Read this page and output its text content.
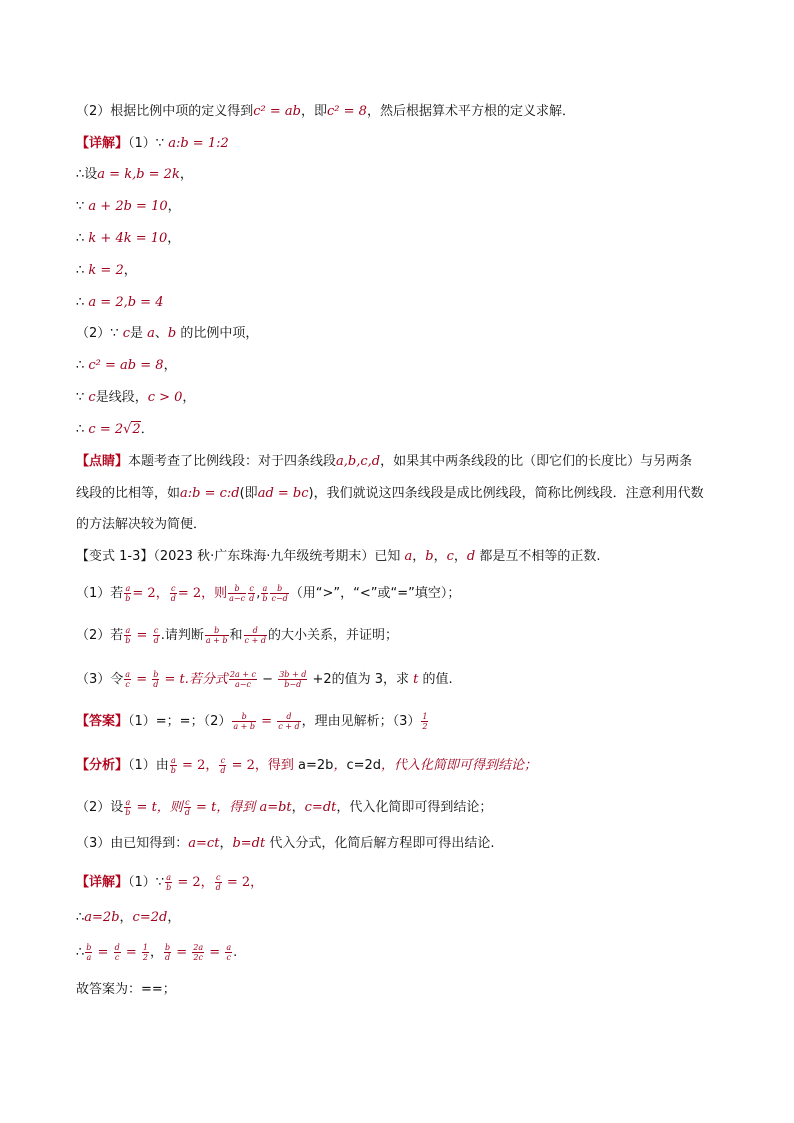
（2）根据比例中项的定义得到c² = ab，即c² = 8，然后根据算术平方根的定义求解．
【详解】（1）∵ a:b = 1:2
∴设a = k,b = 2k，
∵ a + 2b = 10，
∴ k + 4k = 10，
∴ k = 2，
∴ a = 2,b = 4
（2）∵ c是 a、b 的比例中项，
∴ c² = ab = 8，
∵ c是线段，c > 0，
∴ c = 2√2．
【点睛】本题考查了比例线段：对于四条线段a,b,c,d，如果其中两条线段的比（即它们的长度比）与另两条
线段的比相等，如a:b = c:d(即ad = bc)，我们就说这四条线段是成比例线段，简称比例线段．注意利用代数
的方法解决较为简便．
【变式 1-3】（2023 秋·广东珠海·九年级统考期末）已知 a，b，c，d 都是互不相等的正数.
（1）若 $\frac{a}{b} = 2$， $\frac{c}{d} = 2$，则 $\frac{b}{a-c} \frac{c}{d}$ , $\frac{a}{b} \frac{b}{c-d}$ （用“>”，“<”或“=”填空）；
（2）若 $\frac{a}{b} = \frac{c}{d}$ .请判断 $\frac{b}{a + b}$ 和 $\frac{d}{c + d}$ 的大小关系，并证明；
（3）令 $\frac{a}{c} = \frac{b}{d} = t$.若分式 $\frac{2a + c}{a-c} - \frac{3b + d}{b-d} +2$的值为 3，求 t 的值.
【答案】（1）=；=；$(2) \frac{b}{a + b} = \frac{d}{c + d}$ ，理由见解析；$(3) \frac{1}{2}$
【分析】（1）由 $\frac{a}{b} = 2$， $\frac{c}{d} = 2$，得到 a=2b，c=2d，代入化简即可得到结论；
（2）设 $\frac{a}{b} = t$，则 $\frac{c}{d} = t$，得到 a=bt，c=dt，代入化简即可得到结论；
（3）由已知得到：a=ct，b=dt 代入分式，化简后解方程即可得出结论.
【详解】（1）∵ $\frac{a}{b} = 2$， $\frac{c}{d} = 2$，
∴a=2b，c=2d，
∴ $\frac{b}{a} = \frac{d}{c} = \frac{1}{2}$ ， $\frac{b}{d} = \frac{2a}{2c} = \frac{a}{c}$ .
故答案为：==；
